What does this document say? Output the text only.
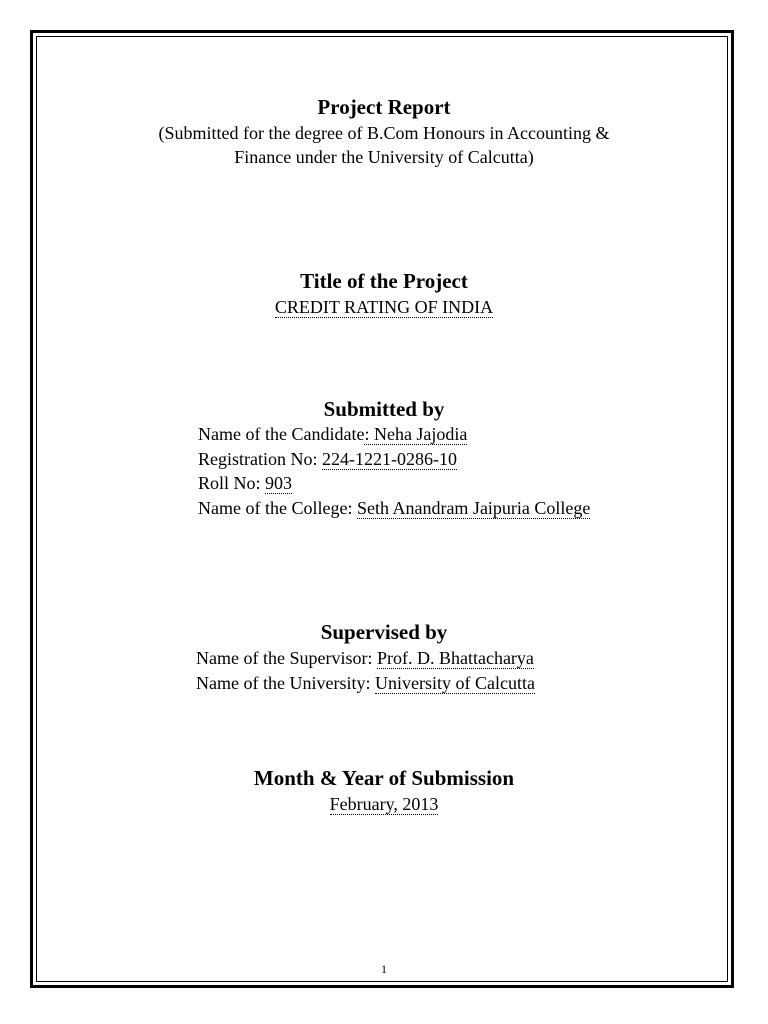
Project Report
(Submitted for the degree of B.Com Honours in Accounting &
Finance under the University of Calcutta)
Title of the Project
CREDIT RATING OF INDIA
Submitted by
Name of the Candidate: Neha Jajodia
Registration No: 224-1221-0286-10
Roll No: 903
Name of the College: Seth Anandram Jaipuria College
Supervised by
Name of the Supervisor: Prof. D. Bhattacharya
Name of the University: University of Calcutta
Month & Year of Submission
February, 2013
1
